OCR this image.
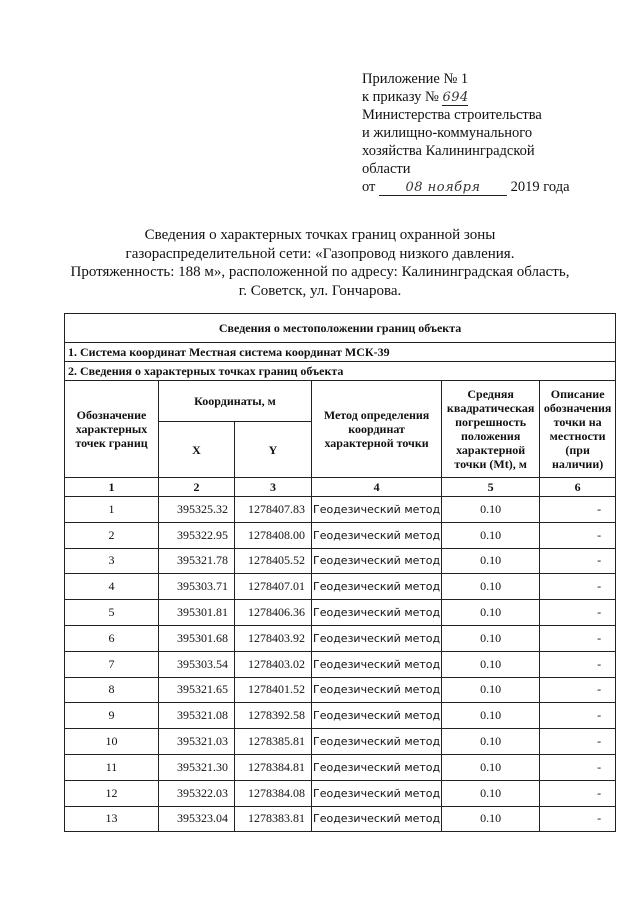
Приложение № 1
к приказу № 694
Министерства строительства
и жилищно-коммунального
хозяйства Калининградской
области
от 08 ноября 2019 года
Сведения о характерных точках границ охранной зоны
газораспределительной сети: «Газопровод низкого давления.
Протяженность: 188 м», расположенной по адресу: Калининградская область,
г. Советск, ул. Гончарова.
Сведения о местоположении границ объекта					
1. Система координат Местная система координат МСК-39					
2. Сведения о характерных точках границ объекта					
Обозначение характерных точек границ	Координаты, м		Метод определения координат характерной точки	Средняя квадратическая погрешность положения характерной точки (Mt), м	Описание обозначения точки на местности (при наличии)
	X	Y			
1	2	3	4	5	6
1	395325.32	1278407.83	Геодезический метод	0.10	-
2	395322.95	1278408.00	Геодезический метод	0.10	-
3	395321.78	1278405.52	Геодезический метод	0.10	-
4	395303.71	1278407.01	Геодезический метод	0.10	-
5	395301.81	1278406.36	Геодезический метод	0.10	-
6	395301.68	1278403.92	Геодезический метод	0.10	-
7	395303.54	1278403.02	Геодезический метод	0.10	-
8	395321.65	1278401.52	Геодезический метод	0.10	-
9	395321.08	1278392.58	Геодезический метод	0.10	-
10	395321.03	1278385.81	Геодезический метод	0.10	-
11	395321.30	1278384.81	Геодезический метод	0.10	-
12	395322.03	1278384.08	Геодезический метод	0.10	-
13	395323.04	1278383.81	Геодезический метод	0.10	-
